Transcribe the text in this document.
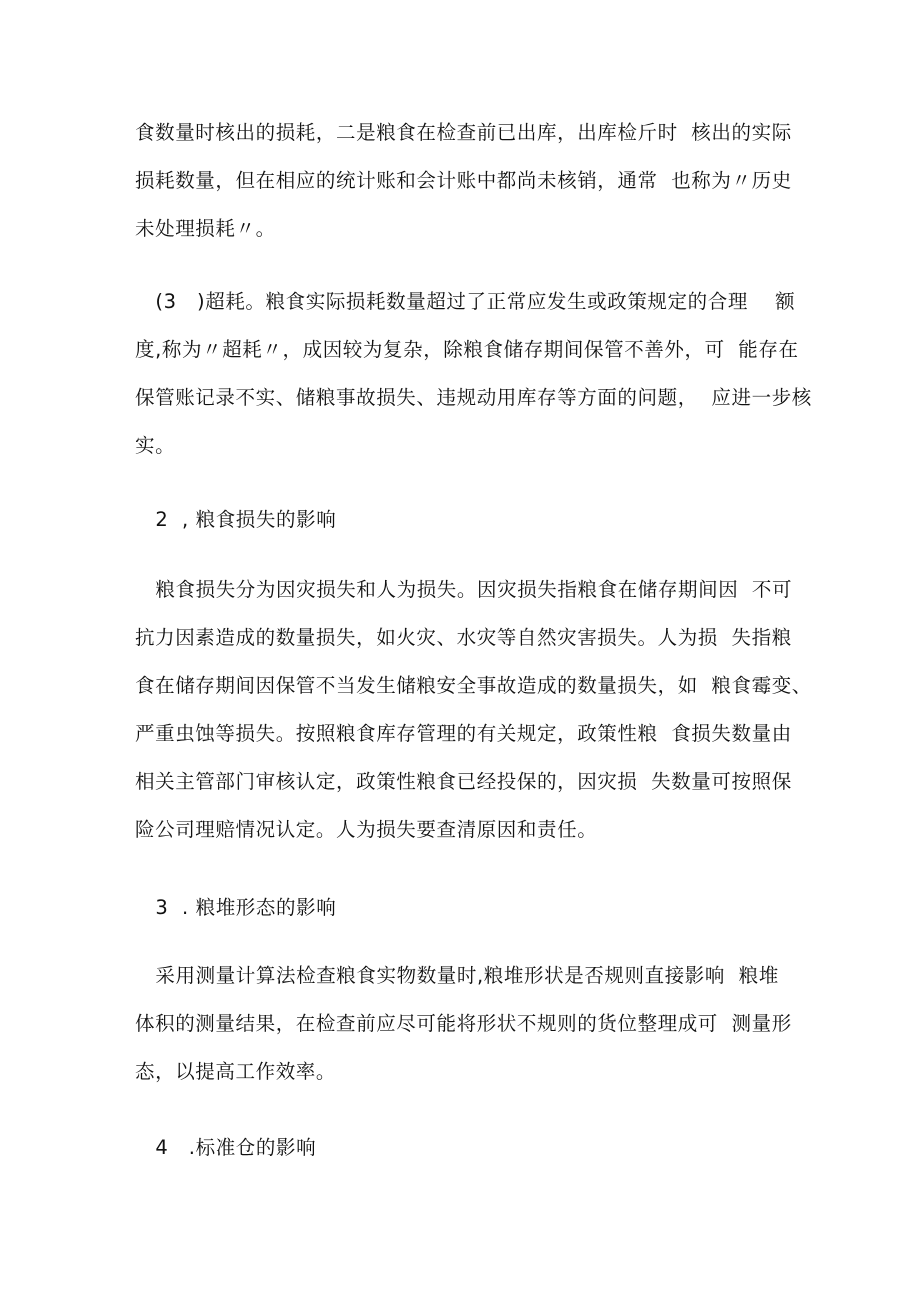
食数量时核出的损耗，二是粮食在检查前已出库，出库检斤时  核出的实际
损耗数量，但在相应的统计账和会计账中都尚未核销，通常  也称为〃历史
未处理损耗〃。
(3   )超耗。粮食实际损耗数量超过了正常应发生或政策规定的合理    额
度,称为〃超耗〃，成因较为复杂，除粮食储存期间保管不善外，可  能存在
保管账记录不实、储粮事故损失、违规动用库存等方面的问题，  应进一步核
实。
2  , 粮食损失的影响
粮食损失分为因灾损失和人为损失。因灾损失指粮食在储存期间因  不可
抗力因素造成的数量损失，如火灾、水灾等自然灾害损失。人为损  失指粮
食在储存期间因保管不当发生储粮安全事故造成的数量损失，如  粮食霉变、
严重虫蚀等损失。按照粮食库存管理的有关规定，政策性粮  食损失数量由
相关主管部门审核认定，政策性粮食已经投保的，因灾损  失数量可按照保
险公司理赔情况认定。人为损失要查清原因和责任。
3  . 粮堆形态的影响
采用测量计算法检查粮食实物数量时,粮堆形状是否规则直接影响  粮堆
体积的测量结果，在检查前应尽可能将形状不规则的货位整理成可  测量形
态，以提高工作效率。
4   .标准仓的影响
